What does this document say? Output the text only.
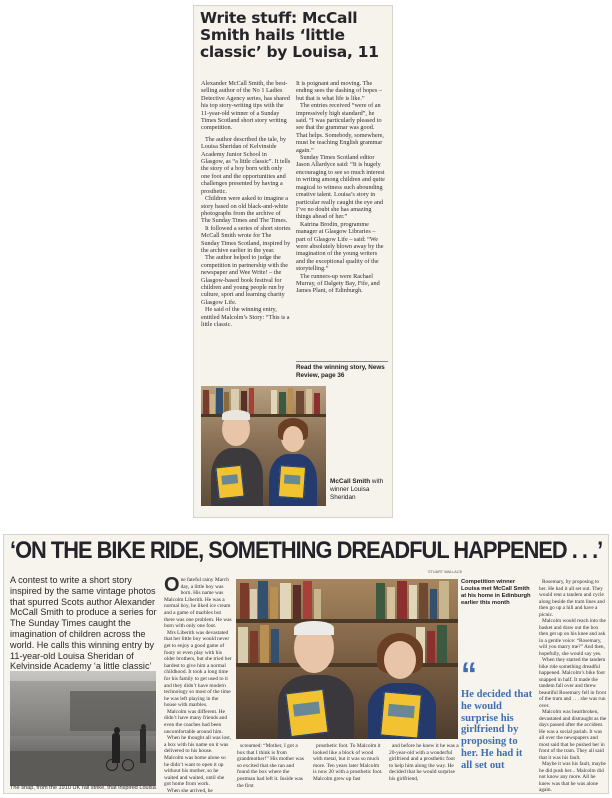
Write stuff: McCall
Smith hails ‘little
classic’ by Louisa, 11

Alexander McCall Smith, the best-selling author of the No 1 Ladies Detective Agency series, has shared his top story-writing tips with the 11-year-old winner of a Sunday Times Scotland short story writing competition.

The author described the tale, by Louisa Sheridan of Kelvinside Academy Junior School in Glasgow, as “a little classic”. It tells the story of a boy born with only one foot and the opportunities and challenges presented by having a prosthetic.

Children were asked to imagine a story based on old black-and-white photographs from the archive of The Sunday Times and The Times.

It followed a series of short stories McCall Smith wrote for The Sunday Times Scotland, inspired by the archive earlier in the year.

The author helped to judge the competition in partnership with the newspaper and Wee Write! – the Glasgow-based book festival for children and young people run by culture, sport and learning charity Glasgow Life.

He said of the winning entry, entitled Malcolm’s Story: “This is a little classic.

It is poignant and moving. The ending sees the dashing of hopes – but that is what life is like.”

The entries received “were of an impressively high standard”, he said. “I was particularly pleased to see that the grammar was good. That helps. Somebody, somewhere, must be teaching English grammar again.”

Sunday Times Scotland editor Jason Allardyce said: “It is hugely encouraging to see so much interest in writing among children and quite magical to witness such abounding creative talent. Louisa’s story in particular really caught the eye and I’ve no doubt she has amazing things ahead of her.”

Katrina Brodin, programme manager at Glasgow Libraries – part of Glasgow Life – said: “We were absolutely blown away by the imagination of the young writers and the exceptional quality of the storytelling.”

The runners-up were Rachael Murray, of Dalgety Bay, Fife, and James Plant, of Edinburgh.

Read the winning story, News Review, page 36
McCall Smith with winner Louisa Sheridan
‘ON THE BIKE RIDE, SOMETHING DREADFUL HAPPENED . . .’
A contest to write a short story inspired by the same vintage photos that spurred Scots author Alexander McCall Smith to produce a series for The Sunday Times caught the imagination of children across the world. He calls this winning entry by 11-year-old Louisa Sheridan of Kelvinside Academy ‘a little classic’
The snap, from the 1910 UK rail strike, that inspired Louisa

One fateful rainy March day, a little boy was born. His name was Malcolm Liberith. He was a normal boy, he liked ice cream and a game of marbles but there was one problem. He was born with only one foot.

Mrs Liberith was devastated that her little boy would never get to enjoy a good game of footy or even play with his older brothers, but she tried her hardest to give him a normal childhood. It took a long time for his family to get used to it and they didn’t have modern technology so most of the time he was left playing in the house with marbles.

Malcolm was different. He didn’t have many friends and even the coaches had been uncomfortable around him.

When he thought all was lost, a box with his name on it was delivered to his house. Malcolm was home alone so he didn’t want to open it up without his mother, so he waited and waited, until she got home from work.

When she arrived, he

STUART WALLACE

screamed: “Mother, I got a box that I think is from grandmother!” His mother was so excited that she ran and found the box where the postman had left it. Inside was the first

prosthetic foot. To Malcolm it looked like a block of wood with metal, but it was so much more. Ten years later Malcolm is now 20 with a prosthetic foot. Malcolm grew up fast

and before he knew it he was a 20-year-old with a wonderful girlfriend and a prosthetic foot to help him along the way. He decided that he would surprise his girlfriend,

Competition winner Louisa met McCall Smith at his home in Edinburgh earlier this month
“
He decided that he would surprise his girlfriend by proposing to her. He had it all set out

Rosemary, by proposing to her. He had it all set out. They would rent a tandem and cycle along beside the tram lines and then go up a hill and have a picnic.

Malcolm would reach into the basket and draw out the box then get up on his knee and ask in a gentle voice: “Rosemary, will you marry me?” And then, hopefully, she would say yes.

When they started the tandem bike ride something dreadful happened. Malcolm’s bike foot snapped in half. It made the tandem fall over and threw beautiful Rosemary fell in front of the tram and . . . she was run over.

Malcolm was heartbroken, devastated and distraught as the days passed after the accident. He was a social pariah. It was all over the newspapers and most said that he pushed her in front of the tram. They all said that it was his fault.

Maybe it was his fault, maybe he did push her... Malcolm did not know any more. All he knew was that he was alone again.
